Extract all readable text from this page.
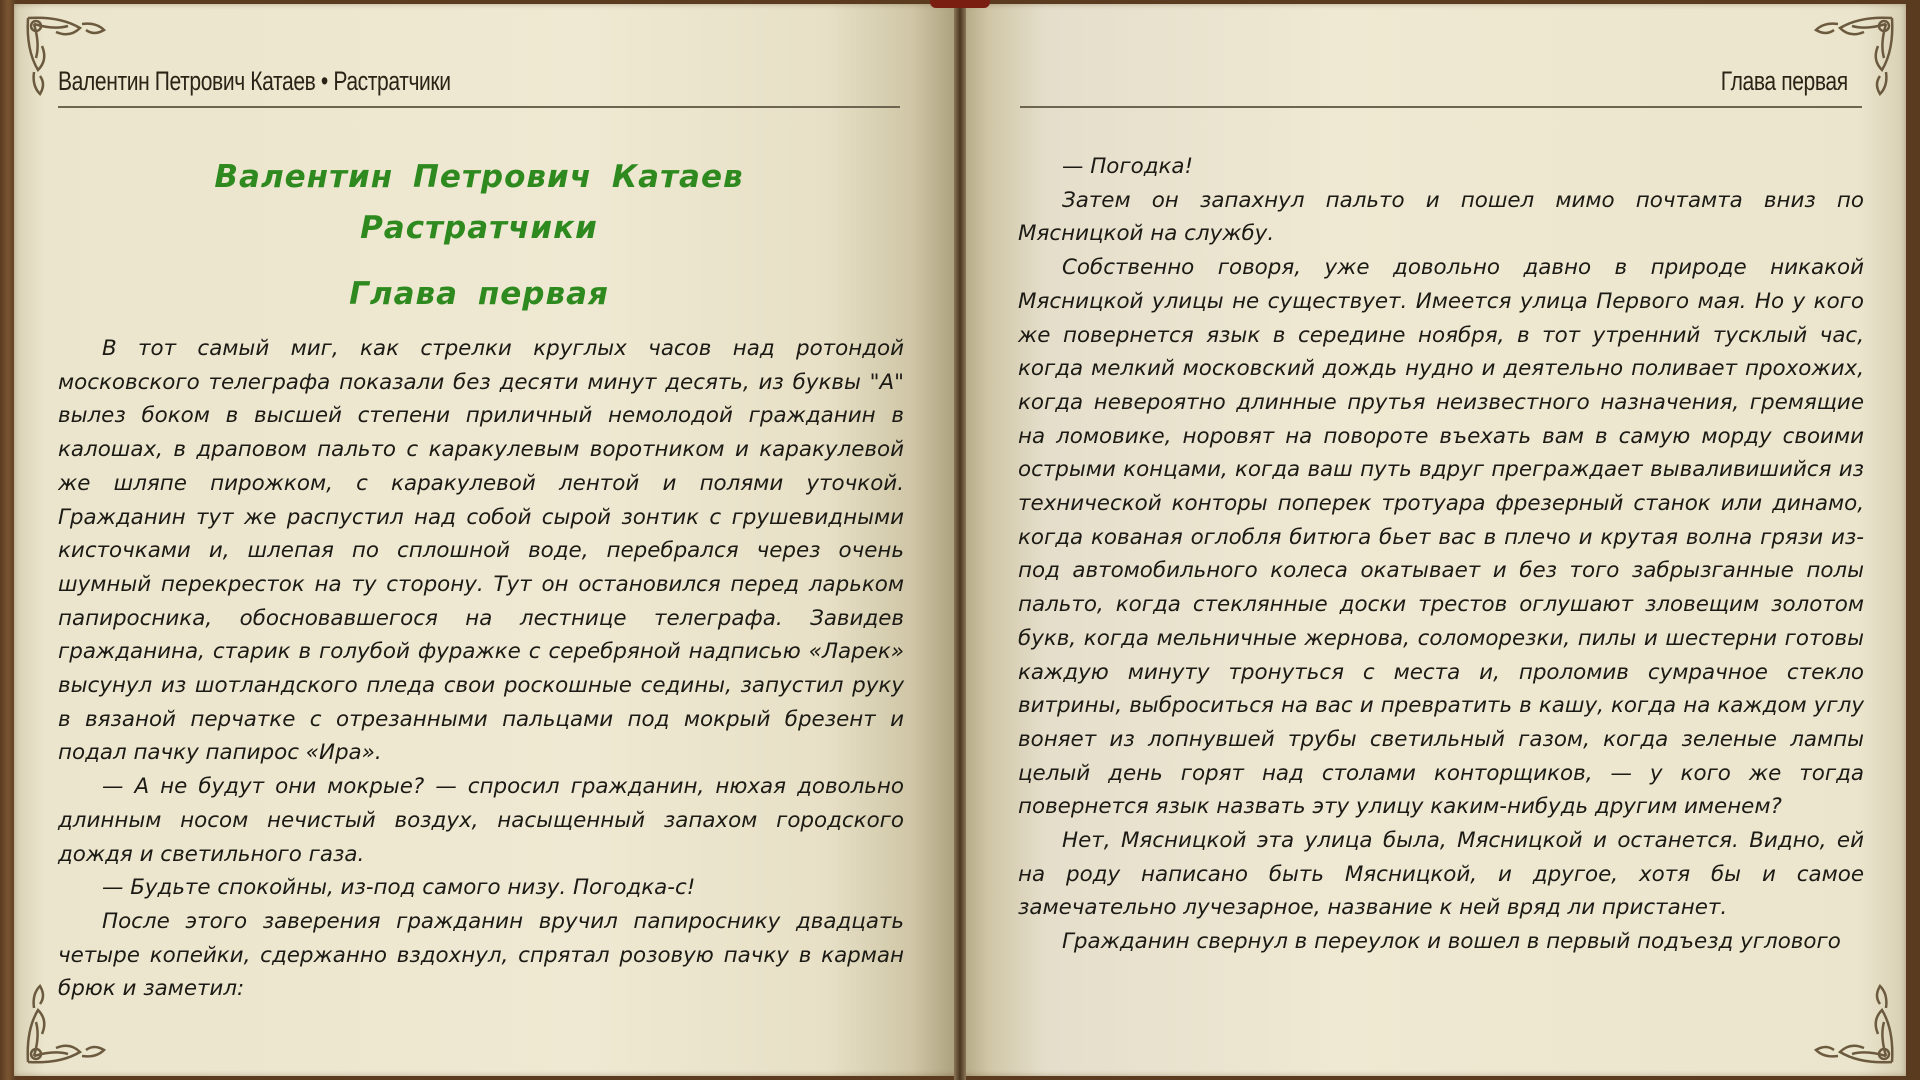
Валентин Петрович Катаев • Растратчики
Валентин Петрович Катаев
Растратчики
Глава первая

В тот самый миг, как стрелки круглых часов над ротондой московского телеграфа показали без десяти минут десять, из буквы "А" вылез боком в высшей степени приличный немолодой гражданин в калошах, в драповом пальто с каракулевым воротником и каракулевой же шляпе пирожком, с каракулевой лентой и полями уточкой. Гражданин тут же распустил над собой сырой зонтик с грушевидными кисточками и, шлепая по сплошной воде, перебрался через очень шумный перекресток на ту сторону. Тут он остановился перед ларьком папиросника, обосновавшегося на лестнице телеграфа. Завидев гражданина, старик в голубой фуражке с серебряной надписью «Ларек» высунул из шотландского пледа свои роскошные седины, запустил руку в вязаной перчатке с отрезанными пальцами под мокрый брезент и подал пачку папирос «Ира».

— А не будут они мокрые? — спросил гражданин, нюхая довольно длинным носом нечистый воздух, насыщенный запахом городского дождя и светильного газа.

— Будьте спокойны, из-под самого низу. Погодка-с!

После этого заверения гражданин вручил папироснику двадцать четыре копейки, сдержанно вздохнул, спрятал розовую пачку в карман брюк и заметил:

Глава первая

— Погодка!

Затем он запахнул пальто и пошел мимо почтамта вниз по Мясницкой на службу.

Собственно говоря, уже довольно давно в природе никакой Мясницкой улицы не существует. Имеется улица Первого мая. Но у кого же повернется язык в середине ноября, в тот утренний тусклый час, когда мелкий московский дождь нудно и деятельно поливает прохожих, когда невероятно длинные прутья неизвестного назначения, гремящие на ломовике, норовят на повороте въехать вам в самую морду своими острыми концами, когда ваш путь вдруг преграждает вываливишийся из технической конторы поперек тротуара фрезерный станок или динамо, когда кованая оглобля битюга бьет вас в плечо и крутая волна грязи из-под автомобильного колеса окатывает и без того забрызганные полы пальто, когда стеклянные доски трестов оглушают зловещим золотом букв, когда мельничные жернова, соломорезки, пилы и шестерни готовы каждую минуту тронуться с места и, проломив сумрачное стекло витрины, выброситься на вас и превратить в кашу, когда на каждом углу воняет из лопнувшей трубы светильный газом, когда зеленые лампы целый день горят над столами конторщиков, — у кого же тогда повернется язык назвать эту улицу каким-нибудь другим именем?

Нет, Мясницкой эта улица была, Мясницкой и останется. Видно, ей на роду написано быть Мясницкой, и другое, хотя бы и самое замечательно лучезарное, название к ней вряд ли пристанет.

Гражданин свернул в переулок и вошел в первый подъезд углового
